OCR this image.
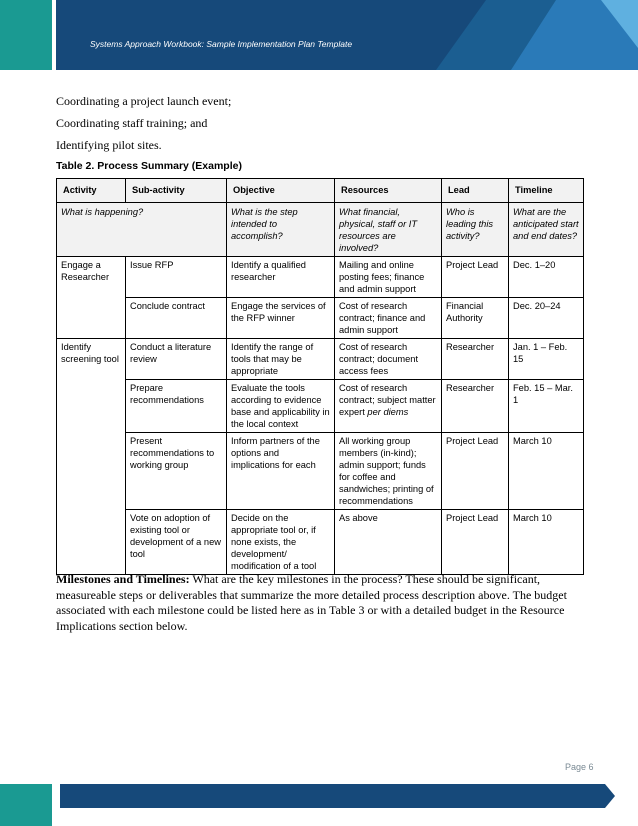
Systems Approach Workbook: Sample Implementation Plan Template
Coordinating a project launch event;
Coordinating staff training; and
Identifying pilot sites.
Table 2. Process Summary (Example)
Activity	Sub-activity	Objective	Resources	Lead	Timeline
What is happening?		What is the step intended to accomplish?	What financial, physical, staff or IT resources are involved?	Who is leading this activity?	What are the anticipated start and end dates?
Engage a Researcher	Issue RFP	Identify a qualified researcher	Mailing and online posting fees; finance and admin support	Project Lead	Dec. 1–20
	Conclude contract	Engage the services of the RFP winner	Cost of research contract; finance and admin support	Financial Authority	Dec. 20–24
Identify screening tool	Conduct a literature review	Identify the range of tools that may be appropriate	Cost of research contract; document access fees	Researcher	Jan. 1 – Feb. 15
	Prepare recommendations	Evaluate the tools according to evidence base and applicability in the local context	Cost of research contract; subject matter expert per diems	Researcher	Feb. 15 – Mar. 1
	Present recommendations to working group	Inform partners of the options and implications for each	All working group members (in-kind); admin support; funds for coffee and sandwiches; printing of recommendations	Project Lead	March 10
	Vote on adoption of existing tool or development of a new tool	Decide on the appropriate tool or, if none exists, the development/ modification of a tool	As above	Project Lead	March 10
Milestones and Timelines: What are the key milestones in the process? These should be significant, measureable steps or deliverables that summarize the more detailed process description above. The budget associated with each milestone could be listed here as in Table 3 or with a detailed budget in the Resource Implications section below.
Page 6
